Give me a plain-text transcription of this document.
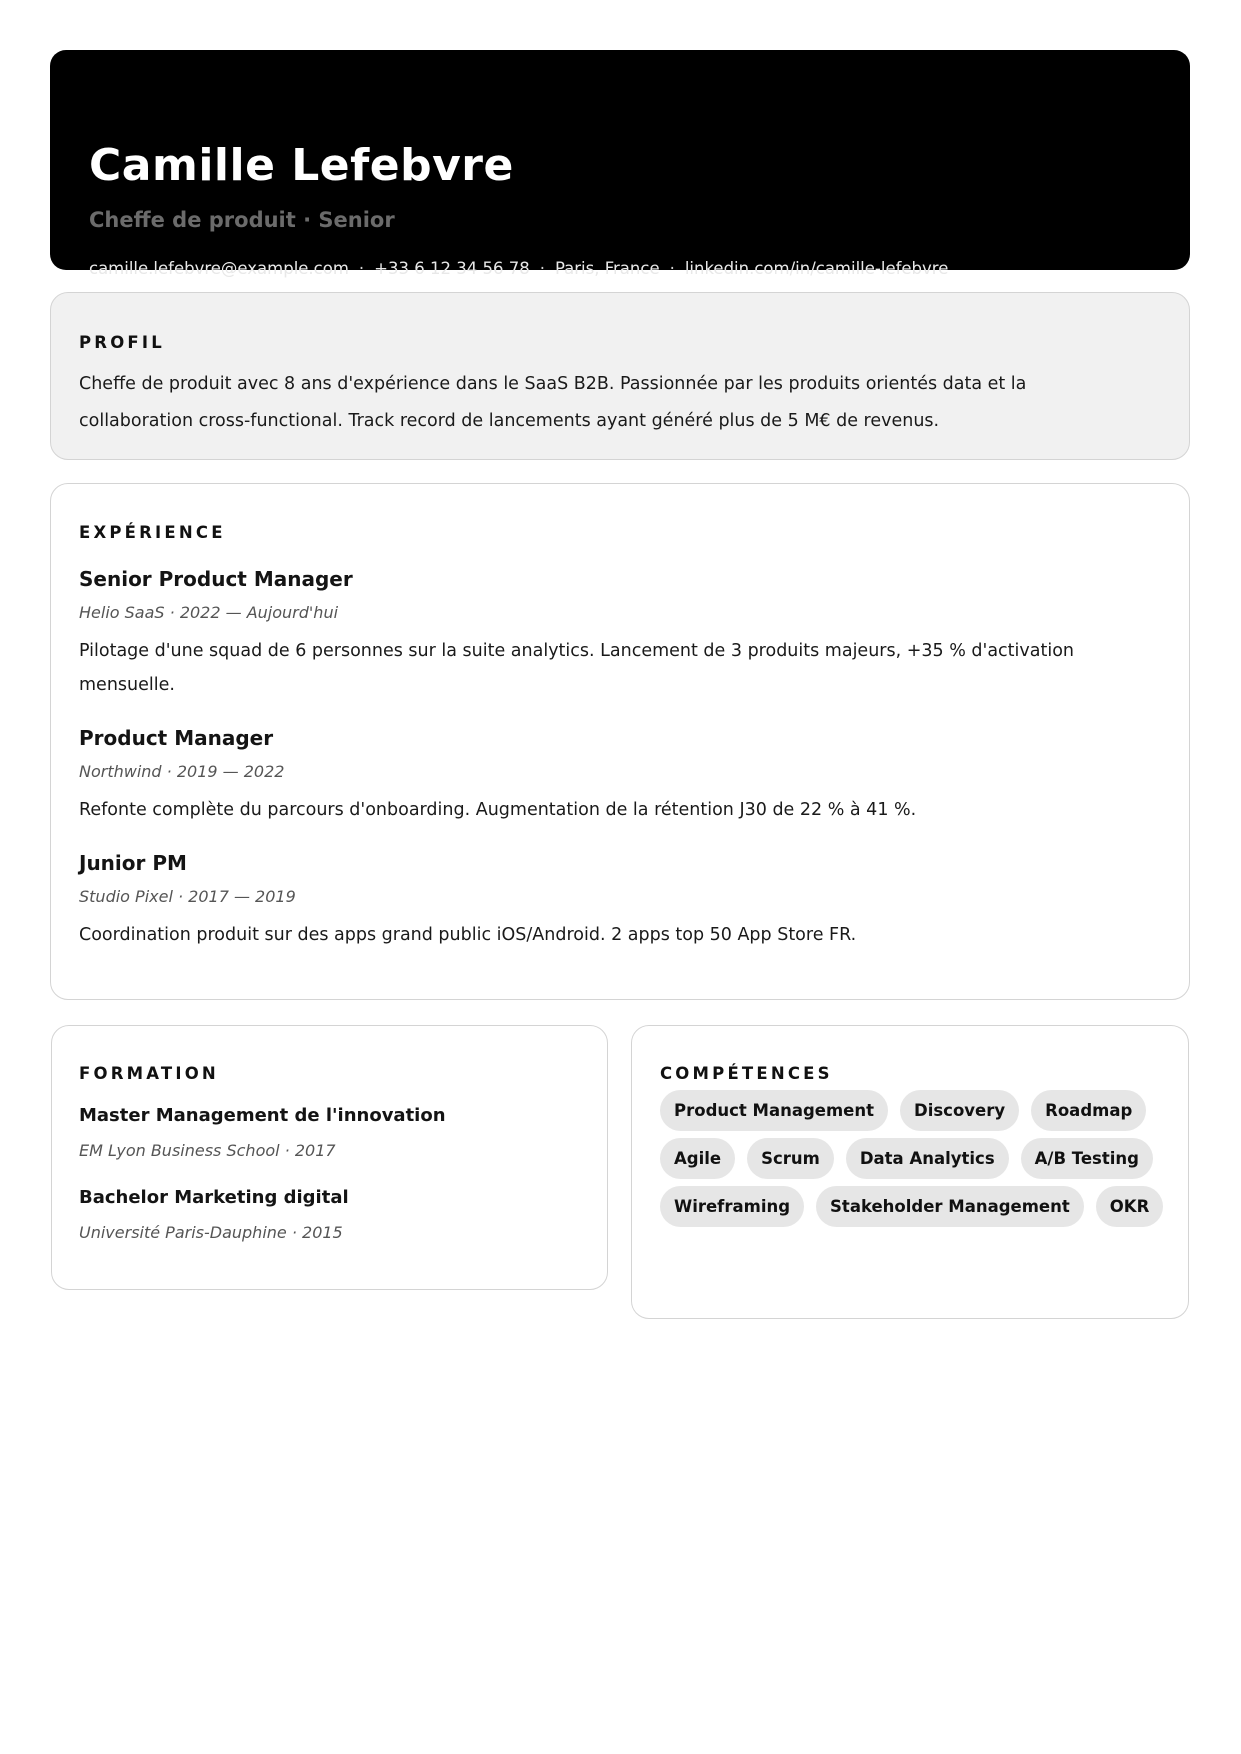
Camille Lefebvre
Cheffe de produit · Senior
camille.lefebvre@example.com · +33 6 12 34 56 78 · Paris, France · linkedin.com/in/camille-lefebvre
PROFIL
Cheffe de produit avec 8 ans d'expérience dans le SaaS B2B. Passionnée par les produits orientés data et la
collaboration cross-functional. Track record de lancements ayant généré plus de 5 M€ de revenus.
EXPÉRIENCE
Senior Product Manager
Helio SaaS · 2022 — Aujourd'hui
Pilotage d'une squad de 6 personnes sur la suite analytics. Lancement de 3 produits majeurs, +35 % d'activation
mensuelle.
Product Manager
Northwind · 2019 — 2022
Refonte complète du parcours d'onboarding. Augmentation de la rétention J30 de 22 % à 41 %.
Junior PM
Studio Pixel · 2017 — 2019
Coordination produit sur des apps grand public iOS/Android. 2 apps top 50 App Store FR.
FORMATION
Master Management de l'innovation
EM Lyon Business School · 2017
Bachelor Marketing digital
Université Paris-Dauphine · 2015
COMPÉTENCES
Product Management	Discovery	Roadmap
Agile	Scrum	Data Analytics	A/B Testing
Wireframing	Stakeholder Management	OKR
